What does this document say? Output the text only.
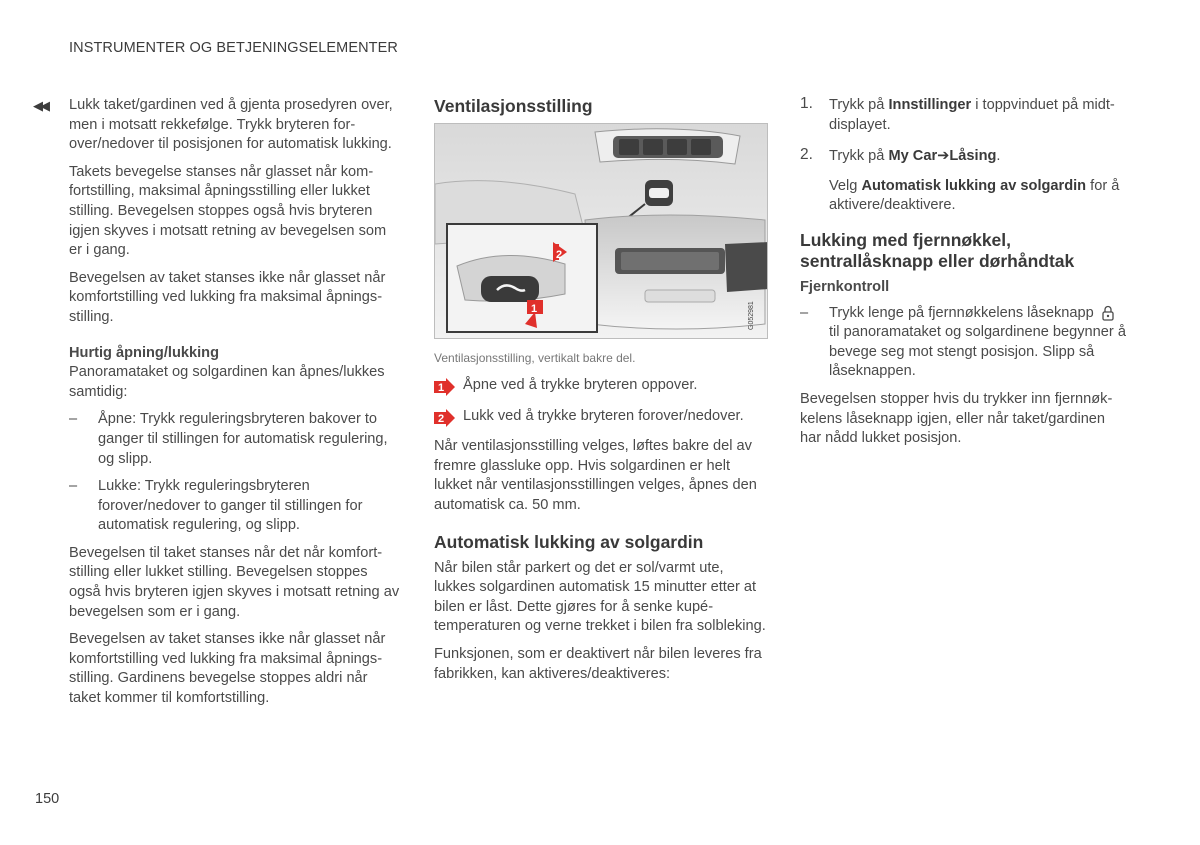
INSTRUMENTER OG BETJENINGSELEMENTER
◀◀ Lukk taket/gardinen ved å gjenta prosedyren over, men i motsatt rekkefølge. Trykk bryteren forover/nedover til posisjonen for automatisk lukking.

Takets bevegelse stanses når glasset når komfortstilling, maksimal åpningsstilling eller lukket stilling. Bevegelsen stoppes også hvis bryteren igjen skyves i motsatt retning av bevegelsen som er i gang.

Bevegelsen av taket stanses ikke når glasset når komfortstilling ved lukking fra maksimal åpningsstilling.

Hurtig åpning/lukking

Panoramataket og solgardinen kan åpnes/lukkes samtidig:

– Åpne: Trykk reguleringsbryteren bakover to ganger til stillingen for automatisk regulering, og slipp.
– Lukke: Trykk reguleringsbryteren forover/nedover to ganger til stillingen for automatisk regulering, og slipp.

Bevegelsen til taket stanses når det når komfortstilling eller lukket stilling. Bevegelsen stoppes også hvis bryteren igjen skyves i motsatt retning av bevegelsen som er i gang.

Bevegelsen av taket stanses ikke når glasset når komfortstilling ved lukking fra maksimal åpningsstilling. Gardinens bevegelse stoppes aldri når taket kommer til komfortstilling.

Ventilasjonsstilling
2
1	G052981
Ventilasjonsstilling, vertikalt bakre del.
1 Åpne ved å trykke bryteren oppover.
2 Lukk ved å trykke bryteren forover/nedover.

Når ventilasjonsstilling velges, løftes bakre del av fremre glassluke opp. Hvis solgardinen er helt lukket når ventilasjonsstillingen velges, åpnes den automatisk ca. 50 mm.

Automatisk lukking av solgardin

Når bilen står parkert og det er sol/varmt ute, lukkes solgardinen automatisk 15 minutter etter at bilen er låst. Dette gjøres for å senke kupétemperaturen og verne trekket i bilen fra solbleking.

Funksjonen, som er deaktivert når bilen leveres fra fabrikken, kan aktiveres/deaktiveres:

1. Trykk på Innstillinger i toppvinduet på midtdisplayet.
2. Trykk på My Car➔Låsing.
Velg Automatisk lukking av solgardin for å aktivere/deaktivere.
Lukking med fjernnøkkel, sentrallåsknapp eller dørhåndtak
Fjernkontroll
– Trykk lenge på fjernnøkkelens låseknapp  til panoramataket og solgardinene begynner å bevege seg mot stengt posisjon. Slipp så låseknappen.

Bevegelsen stopper hvis du trykker inn fjernnøkkelens låseknapp igjen, eller når taket/gardinen har nådd lukket posisjon.

150
